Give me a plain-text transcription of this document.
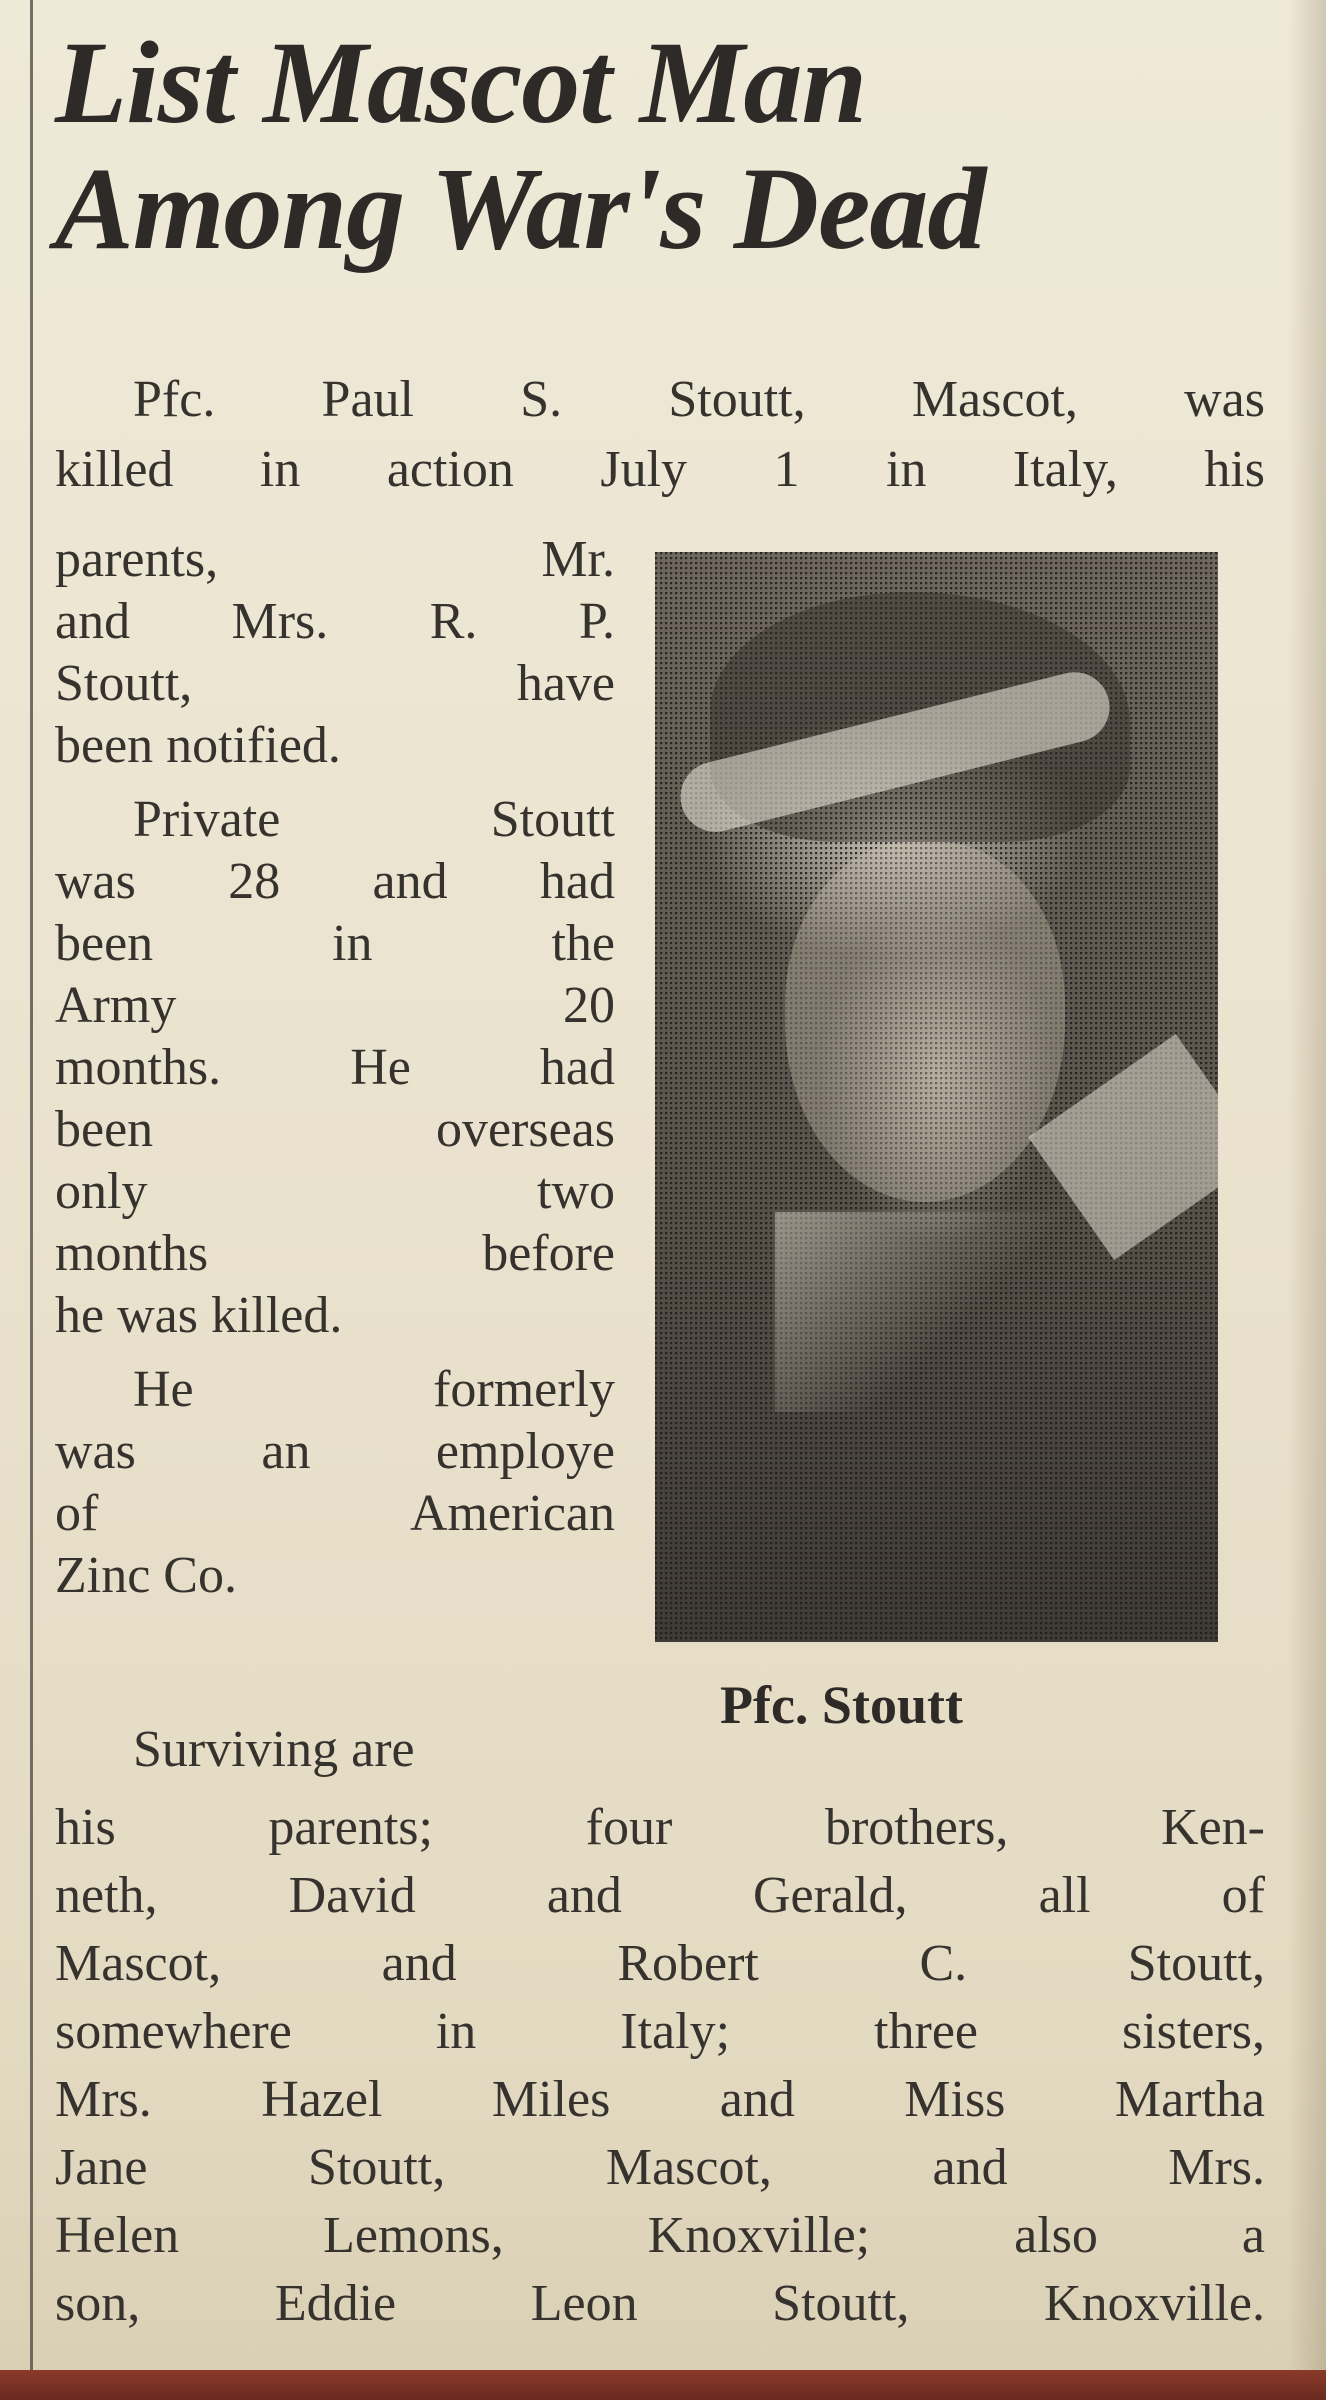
List Mascot Man
Among War's Dead
Pfc. Paul S. Stoutt, Mascot, was
killed in action July 1 in Italy, his
parents, Mr.
and Mrs. R. P.
Stoutt, have
been notified.
Private Stoutt
was 28 and had
been in the
Army 20
months. He had
been overseas
only two
months before
he was killed.
He formerly
was an employe
of American
Zinc Co.
Surviving are
Pfc. Stoutt
his parents; four brothers, Ken-
neth, David and Gerald, all of
Mascot, and Robert C. Stoutt,
somewhere in Italy; three sisters,
Mrs. Hazel Miles and Miss Martha
Jane Stoutt, Mascot, and Mrs.
Helen Lemons, Knoxville; also a
son, Eddie Leon Stoutt, Knoxville.
